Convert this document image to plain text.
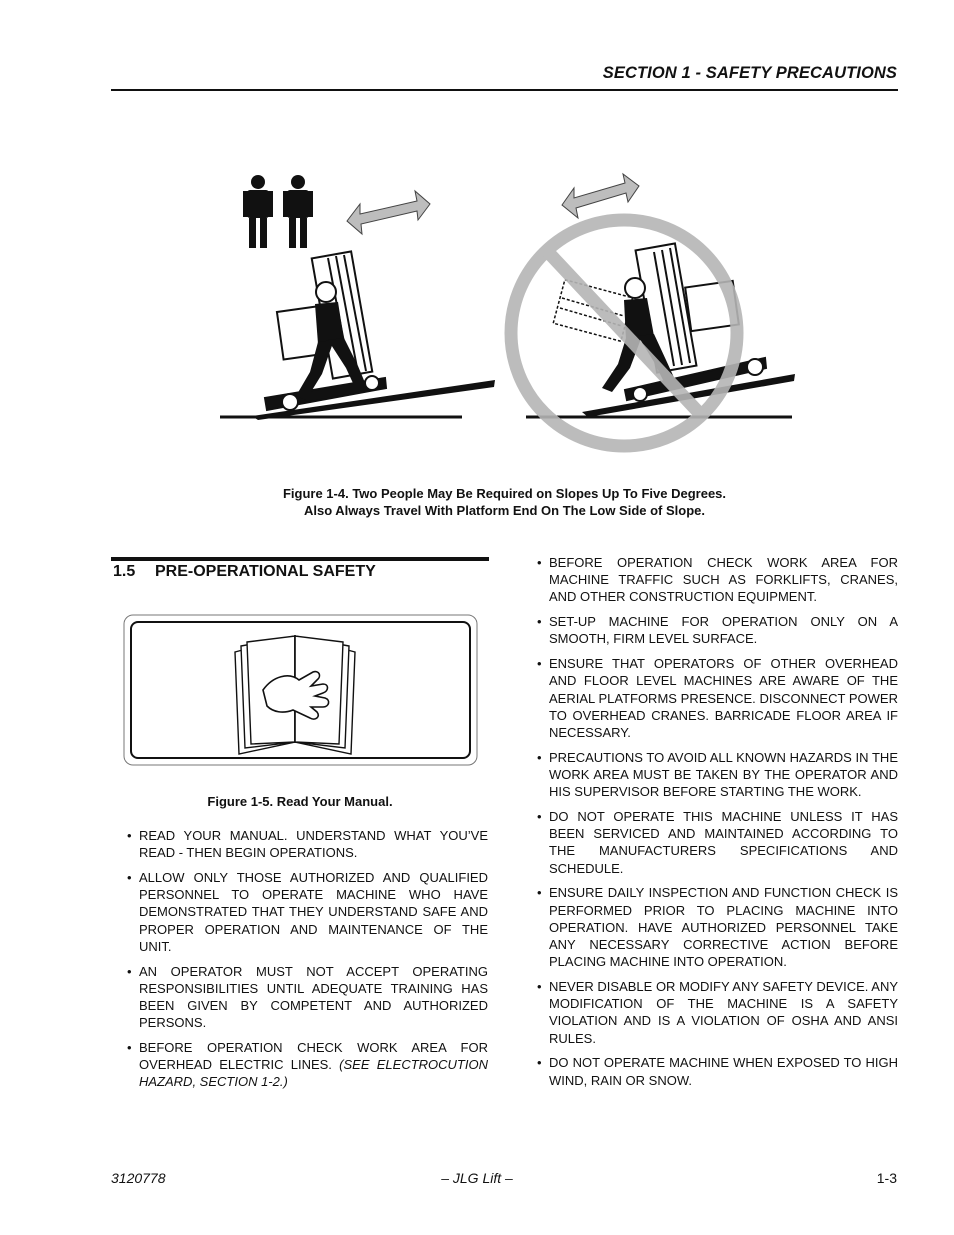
SECTION 1 - SAFETY PRECAUTIONS
Figure 1-4. Two People May Be Required on Slopes Up To Five Degrees.
Also Always Travel With Platform End On The Low Side of Slope.
1.5 PRE-OPERATIONAL SAFETY
Figure 1-5. Read Your Manual.
• READ YOUR MANUAL. UNDERSTAND WHAT YOU’VE READ - THEN BEGIN OPERATIONS.
• ALLOW ONLY THOSE AUTHORIZED AND QUALIFIED PERSONNEL TO OPERATE MACHINE WHO HAVE DEMONSTRATED THAT THEY UNDERSTAND SAFE AND PROPER OPERATION AND MAINTENANCE OF THE UNIT.
• AN OPERATOR MUST NOT ACCEPT OPERATING RESPONSIBILITIES UNTIL ADEQUATE TRAINING HAS BEEN GIVEN BY COMPETENT AND AUTHORIZED PERSONS.
• BEFORE OPERATION CHECK WORK AREA FOR OVERHEAD ELECTRIC LINES. (SEE ELECTROCUTION HAZARD, SECTION 1-2.)
• BEFORE OPERATION CHECK WORK AREA FOR MACHINE TRAFFIC SUCH AS FORKLIFTS, CRANES, AND OTHER CONSTRUCTION EQUIPMENT.
• SET-UP MACHINE FOR OPERATION ONLY ON A SMOOTH, FIRM LEVEL SURFACE.
• ENSURE THAT OPERATORS OF OTHER OVERHEAD AND FLOOR LEVEL MACHINES ARE AWARE OF THE AERIAL PLATFORMS PRESENCE. DISCONNECT POWER TO OVERHEAD CRANES. BARRICADE FLOOR AREA IF NECESSARY.
• PRECAUTIONS TO AVOID ALL KNOWN HAZARDS IN THE WORK AREA MUST BE TAKEN BY THE OPERATOR AND HIS SUPERVISOR BEFORE STARTING THE WORK.
• DO NOT OPERATE THIS MACHINE UNLESS IT HAS BEEN SERVICED AND MAINTAINED ACCORDING TO THE MANUFACTURERS SPECIFICATIONS AND SCHEDULE.
• ENSURE DAILY INSPECTION AND FUNCTION CHECK IS PERFORMED PRIOR TO PLACING MACHINE INTO OPERATION. HAVE AUTHORIZED PERSONNEL TAKE ANY NECESSARY CORRECTIVE ACTION BEFORE PLACING MACHINE INTO OPERATION.
• NEVER DISABLE OR MODIFY ANY SAFETY DEVICE. ANY MODIFICATION OF THE MACHINE IS A SAFETY VIOLATION AND IS A VIOLATION OF OSHA AND ANSI RULES.
• DO NOT OPERATE MACHINE WHEN EXPOSED TO HIGH WIND, RAIN OR SNOW.
3120778	– JLG Lift –	1-3
